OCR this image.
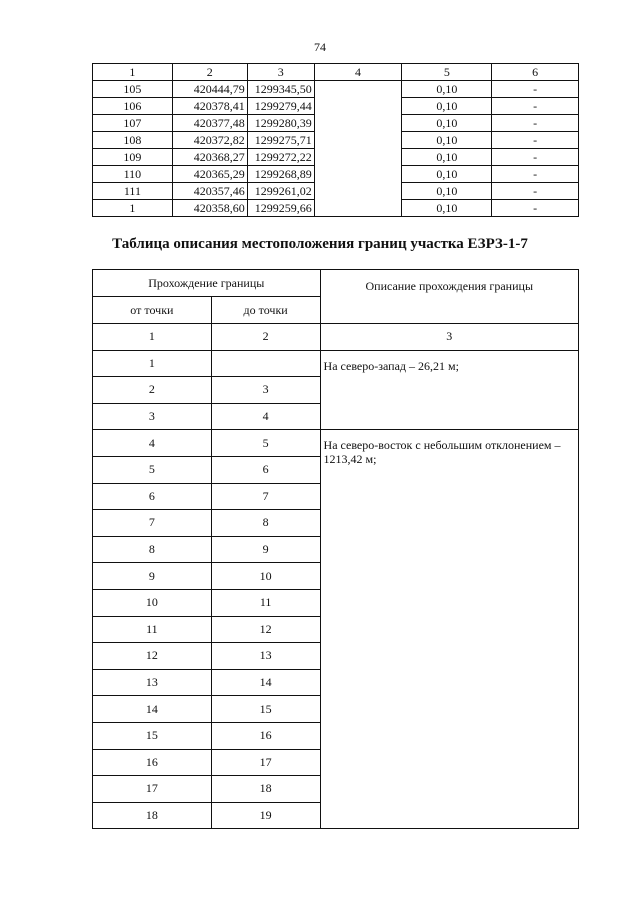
74
1	2	3	4	5	6
105	420444,79	1299345,50		0,10	-
106	420378,41	1299279,44		0,10	-
107	420377,48	1299280,39		0,10	-
108	420372,82	1299275,71		0,10	-
109	420368,27	1299272,22		0,10	-
110	420365,29	1299268,89		0,10	-
111	420357,46	1299261,02		0,10	-
1	420358,60	1299259,66		0,10	-
Таблица описания местоположения границ участка ЕЗРЗ-1-7
Прохождение границы		Описание прохождения границы
от точки	до точки	
1	2	3
1		На северо-запад – 26,21 м;
2	3	
3	4	
4	5	На северо-восток с небольшим отклонением – 1213,42 м;
5	6	
6	7	
7	8	
8	9	
9	10	
10	11	
11	12	
12	13	
13	14	
14	15	
15	16	
16	17	
17	18	
18	19	
